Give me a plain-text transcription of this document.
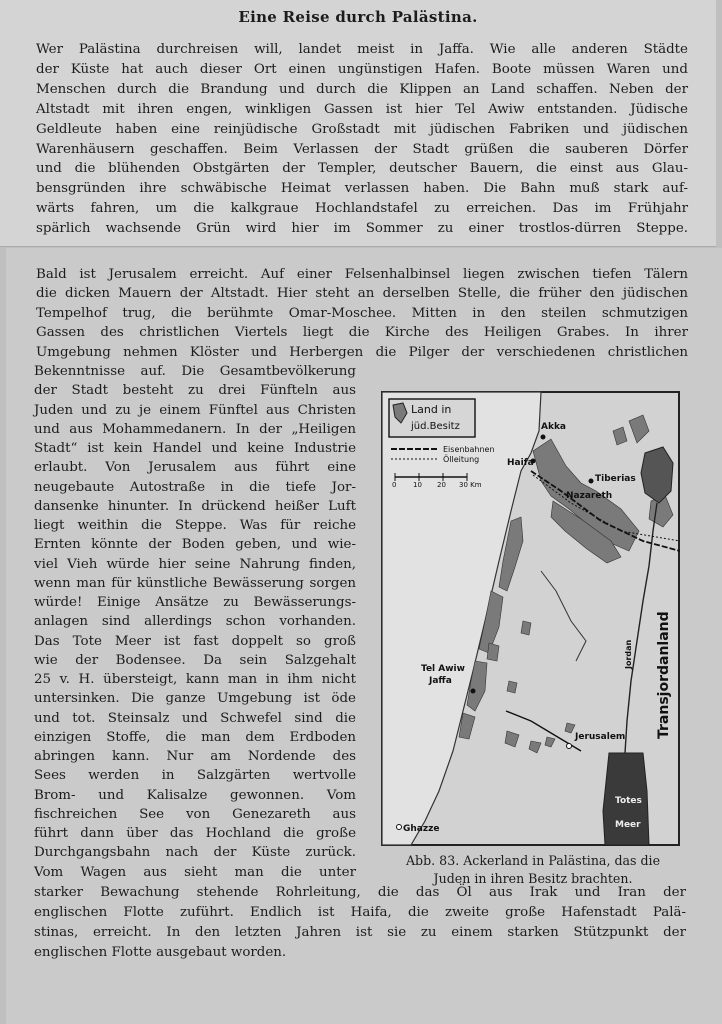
Eine Reise durch Palästina.
Wer Palästina durchreisen will, landet meist in Jaffa. Wie alle anderen Städte
der Küste hat auch dieser Ort einen ungünstigen Hafen. Boote müssen Waren und
Menschen durch die Brandung und durch die Klippen an Land schaffen. Neben der
Altstadt mit ihren engen, winkligen Gassen ist hier Tel Awiw entstanden. Jüdische
Geldleute haben eine reinjüdische Großstadt mit jüdischen Fabriken und jüdischen
Warenhäusern geschaffen. Beim Verlassen der Stadt grüßen die sauberen Dörfer
und die blühenden Obstgärten der Templer, deutscher Bauern, die einst aus Glau-
bensgründen ihre schwäbische Heimat verlassen haben. Die Bahn muß stark auf-
wärts fahren, um die kalkgraue Hochlandstafel zu erreichen. Das im Frühjahr
spärlich wachsende Grün wird hier im Sommer zu einer trostlos-dürren Steppe.
Bald ist Jerusalem erreicht. Auf einer Felsenhalbinsel liegen zwischen tiefen Tälern
die dicken Mauern der Altstadt. Hier steht an derselben Stelle, die früher den jüdischen
Tempelhof trug, die berühmte Omar-Moschee. Mitten in den steilen schmutzigen
Gassen des christlichen Viertels liegt die Kirche des Heiligen Grabes. In ihrer
Umgebung nehmen Klöster und Herbergen die Pilger der verschiedenen christlichen
Bekenntnisse auf. Die Gesamtbevölkerung
der Stadt besteht zu drei Fünfteln aus
Juden und zu je einem Fünftel aus Christen
und aus Mohammedanern. In der „Heiligen
Stadt“ ist kein Handel und keine Industrie
erlaubt. Von Jerusalem aus führt eine
neugebaute Autostraße in die tiefe Jor-
dansenke hinunter. In drückend heißer Luft
liegt weithin die Steppe. Was für reiche
Ernten könnte der Boden geben, und wie-
viel Vieh würde hier seine Nahrung finden,
wenn man für künstliche Bewässerung sorgen
würde! Einige Ansätze zu Bewässerungs-
anlagen sind allerdings schon vorhanden.
Das Tote Meer ist fast doppelt so groß
wie der Bodensee. Da sein Salzgehalt
25 v. H. übersteigt, kann man in ihm nicht
untersinken. Die ganze Umgebung ist öde
und tot. Steinsalz und Schwefel sind die
einzigen Stoffe, die man dem Erdboden
abringen kann. Nur am Nordende des
Sees werden in Salzgärten wertvolle
Brom- und Kalisalze gewonnen. Vom
fischreichen See von Genezareth aus
führt dann über das Hochland die große
Durchgangsbahn nach der Küste zurück.
Vom Wagen aus sieht man die unter
starker Bewachung stehende Rohrleitung, die das Öl aus Irak und Iran der
englischen Flotte zuführt. Endlich ist Haifa, die zweite große Hafenstadt Palä-
stinas, erreicht. In den letzten Jahren ist sie zu einem starken Stützpunkt der
englischen Flotte ausgebaut worden.
Land in
jüd.Besitz
Eisenbahnen
Ölleitung
0 10 20 30 Km
Akka
Haifa
Tiberias
Nazareth
Tel Awiw
Jaffa
Jerusalem
Ghazze
Jordan Transjordanland
Totes
Meer
Abb. 83. Ackerland in Palästina, das die
Juden in ihren Besitz brachten.
